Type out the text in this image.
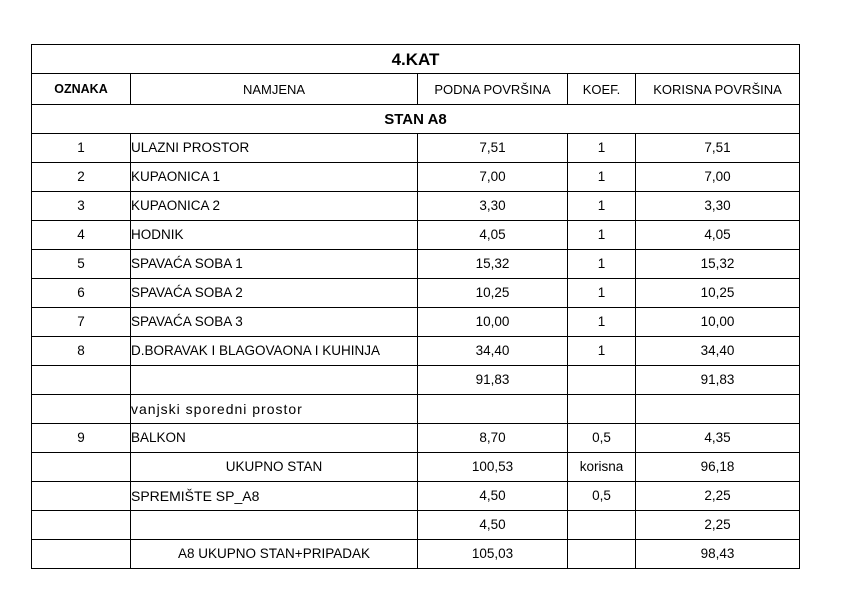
4.KAT				
OZNAKA	NAMJENA	PODNA POVRŠINA	KOEF.	KORISNA POVRŠINA
STAN A8				
1	ULAZNI PROSTOR	7,51	1	7,51
2	KUPAONICA 1	7,00	1	7,00
3	KUPAONICA 2	3,30	1	3,30
4	HODNIK	4,05	1	4,05
5	SPAVAĆA SOBA 1	15,32	1	15,32
6	SPAVAĆA SOBA 2	10,25	1	10,25
7	SPAVAĆA SOBA 3	10,00	1	10,00
8	D.BORAVAK I BLAGOVAONA I KUHINJA	34,40	1	34,40
		91,83		91,83
	vanjski sporedni prostor			
9	BALKON	8,70	0,5	4,35
	UKUPNO STAN	100,53	korisna	96,18
	SPREMIŠTE SP_A8	4,50	0,5	2,25
		4,50		2,25
	A8 UKUPNO STAN+PRIPADAK	105,03		98,43
